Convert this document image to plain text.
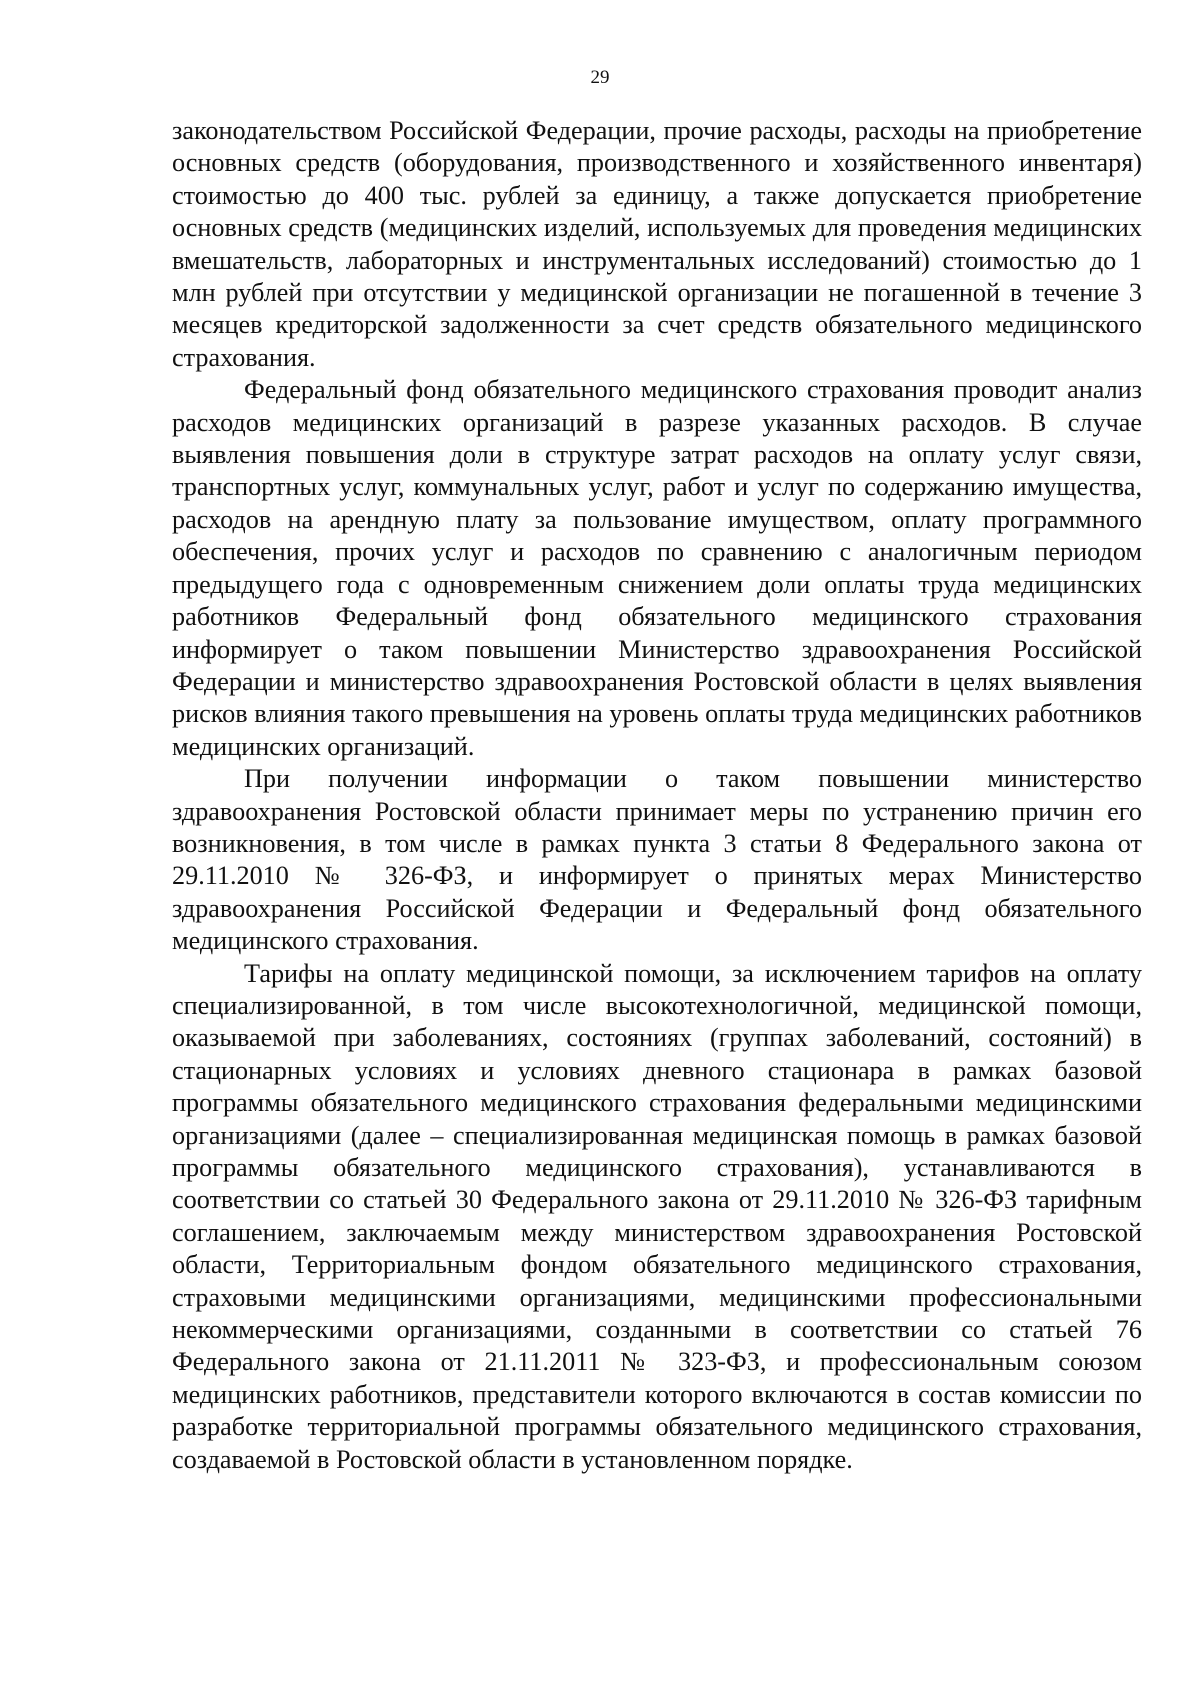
29

законодательством Российской Федерации, прочие расходы, расходы на приобретение основных средств (оборудования, производственного и хозяйственного инвентаря) стоимостью до 400 тыс. рублей за единицу, а также допускается приобретение основных средств (медицинских изделий, используемых для проведения медицинских вмешательств, лабораторных и инструментальных исследований) стоимостью до 1 млн рублей при отсутствии у медицинской организации не погашенной в течение 3 месяцев кредиторской задолженности за счет средств обязательного медицинского страхования.

Федеральный фонд обязательного медицинского страхования проводит анализ расходов медицинских организаций в разрезе указанных расходов. В случае выявления повышения доли в структуре затрат расходов на оплату услуг связи, транспортных услуг, коммунальных услуг, работ и услуг по содержанию имущества, расходов на арендную плату за пользование имуществом, оплату программного обеспечения, прочих услуг и расходов по сравнению с аналогичным периодом предыдущего года с одновременным снижением доли оплаты труда медицинских работников Федеральный фонд обязательного медицинского страхования информирует о таком повышении Министерство здравоохранения Российской Федерации и министерство здравоохранения Ростовской области в целях выявления рисков влияния такого превышения на уровень оплаты труда медицинских работников медицинских организаций.

При получении информации о таком повышении министерство здравоохранения Ростовской области принимает меры по устранению причин его возникновения, в том числе в рамках пункта 3 статьи 8 Федерального закона от 29.11.2010 № 326-ФЗ, и информирует о принятых мерах Министерство здравоохранения Российской Федерации и Федеральный фонд обязательного медицинского страхования.

Тарифы на оплату медицинской помощи, за исключением тарифов на оплату специализированной, в том числе высокотехнологичной, медицинской помощи, оказываемой при заболеваниях, состояниях (группах заболеваний, состояний) в стационарных условиях и условиях дневного стационара в рамках базовой программы обязательного медицинского страхования федеральными медицинскими организациями (далее – специализированная медицинская помощь в рамках базовой программы обязательного медицинского страхования), устанавливаются в соответствии со статьей 30 Федерального закона от 29.11.2010 № 326-ФЗ тарифным соглашением, заключаемым между министерством здравоохранения Ростовской области, Территориальным фондом обязательного медицинского страхования, страховыми медицинскими организациями, медицинскими профессиональными некоммерческими организациями, созданными в соответствии со статьей 76 Федерального закона от 21.11.2011 № 323-ФЗ, и профессиональным союзом медицинских работников, представители которого включаются в состав комиссии по разработке территориальной программы обязательного медицинского страхования, создаваемой в Ростовской области в установленном порядке.
